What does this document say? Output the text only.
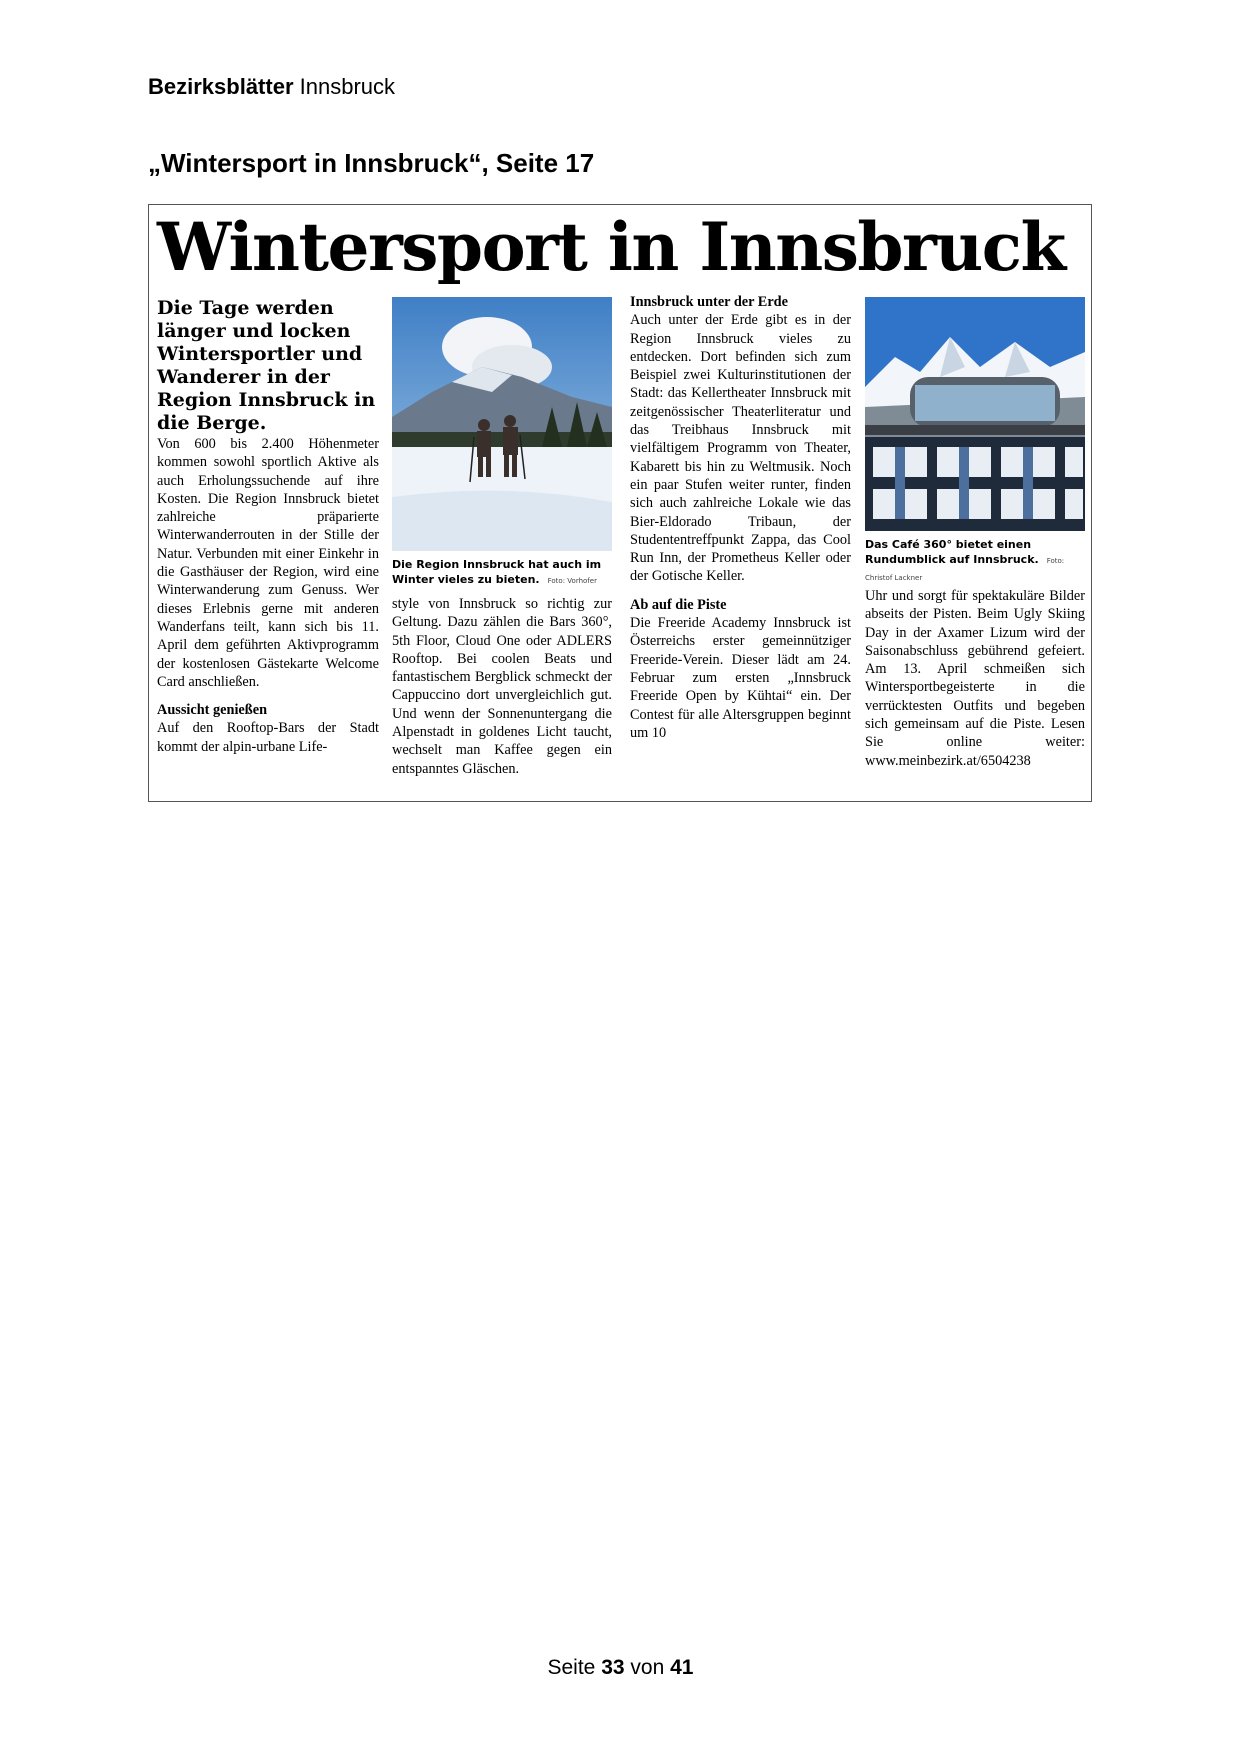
Bezirksblätter Innsbruck
„Wintersport in Innsbruck“, Seite 17
Wintersport in Innsbruck

Die Tage werden länger und locken Wintersportler und Wanderer in der Region Innsbruck in die Berge.

Von 600 bis 2.400 Höhenmeter kommen sowohl sportlich Aktive als auch Erholungssuchende auf ihre Kosten. Die Region Innsbruck bietet zahlreiche präparierte Winterwanderrouten in der Stille der Natur. Verbunden mit einer Einkehr in die Gasthäuser der Region, wird eine Winterwanderung zum Genuss. Wer dieses Erlebnis gerne mit anderen Wanderfans teilt, kann sich bis 11. April dem geführten Aktivprogramm der kostenlosen Gästekarte Welcome Card anschließen.

Aussicht genießen

Auf den Rooftop-Bars der Stadt kommt der alpin-urbane Life-

Die Region Innsbruck hat auch im Winter vieles zu bieten. Foto: Vorhofer

style von Innsbruck so richtig zur Geltung. Dazu zählen die Bars 360°, 5th Floor, Cloud One oder ADLERS Rooftop. Bei coolen Beats und fantastischem Bergblick schmeckt der Cappuccino dort unvergleichlich gut. Und wenn der Sonnenuntergang die Alpenstadt in goldenes Licht taucht, wechselt man Kaffee gegen ein entspanntes Gläschen.

Innsbruck unter der Erde

Auch unter der Erde gibt es in der Region Innsbruck vieles zu entdecken. Dort befinden sich zum Beispiel zwei Kulturinstitutionen der Stadt: das Kellertheater Innsbruck mit zeitgenössischer Theaterliteratur und das Treibhaus Innsbruck mit vielfältigem Programm von Theater, Kabarett bis hin zu Weltmusik. Noch ein paar Stufen weiter runter, finden sich auch zahlreiche Lokale wie das Bier-Eldorado Tribaun, der Studententreffpunkt Zappa, das Cool Run Inn, der Prometheus Keller oder der Gotische Keller.

Ab auf die Piste

Die Freeride Academy Innsbruck ist Österreichs erster gemeinnütziger Freeride-Verein. Dieser lädt am 24. Februar zum ersten „Innsbruck Freeride Open by Kühtai“ ein. Der Contest für alle Altersgruppen beginnt um 10

Das Café 360° bietet einen Rundumblick auf Innsbruck. Foto: Christof Lackner

Uhr und sorgt für spektakuläre Bilder abseits der Pisten. Beim Ugly Skiing Day in der Axamer Lizum wird der Saisonabschluss gebührend gefeiert. Am 13. April schmeißen sich Wintersportbegeisterte in die verrücktesten Outfits und begeben sich gemeinsam auf die Piste. Lesen Sie online weiter: www.meinbezirk.at/6504238

Seite 33 von 41
